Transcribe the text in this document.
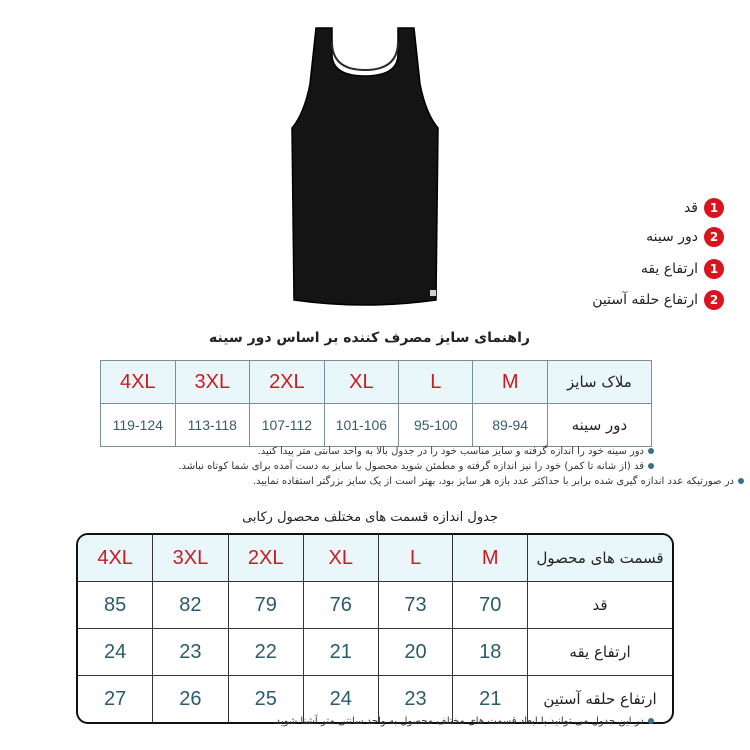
قد 1
دور سینه 2
ارتفاع یقه 1
ارتفاع حلقه آستین 2
راهنمای سایز مصرف کننده بر اساس دور سینه
4XL	3XL	2XL	XL	L	M	ملاک سایز
119-124	113-118	107-112	101-106	95-100	89-94	دور سینه
دور سینه خود را اندازه گرفته و سایز مناسب خود را در جدول بالا به واحد سانتی متر پیدا کنید.
قد (از شانه تا کمر) خود را نیز اندازه گرفته و مطمئن شوید محصول با سایز به دست آمده برای شما کوتاه نباشد.
در صورتیکه عدد اندازه گیری شده برابر با حداکثر عدد بازه هر سایز بود، بهتر است از یک سایز بزرگتر استفاده نمایید.
جدول اندازه قسمت های مختلف محصول رکابی
4XL	3XL	2XL	XL	L	M	قسمت های محصول
85	82	79	76	73	70	قد
24	23	22	21	20	18	ارتفاع یقه
27	26	25	24	23	21	ارتفاع حلقه آستین
در این جدول می توانید با ابعاد قسمت های مختلف محصول به واحد سانتی متر آشنا شوید.
